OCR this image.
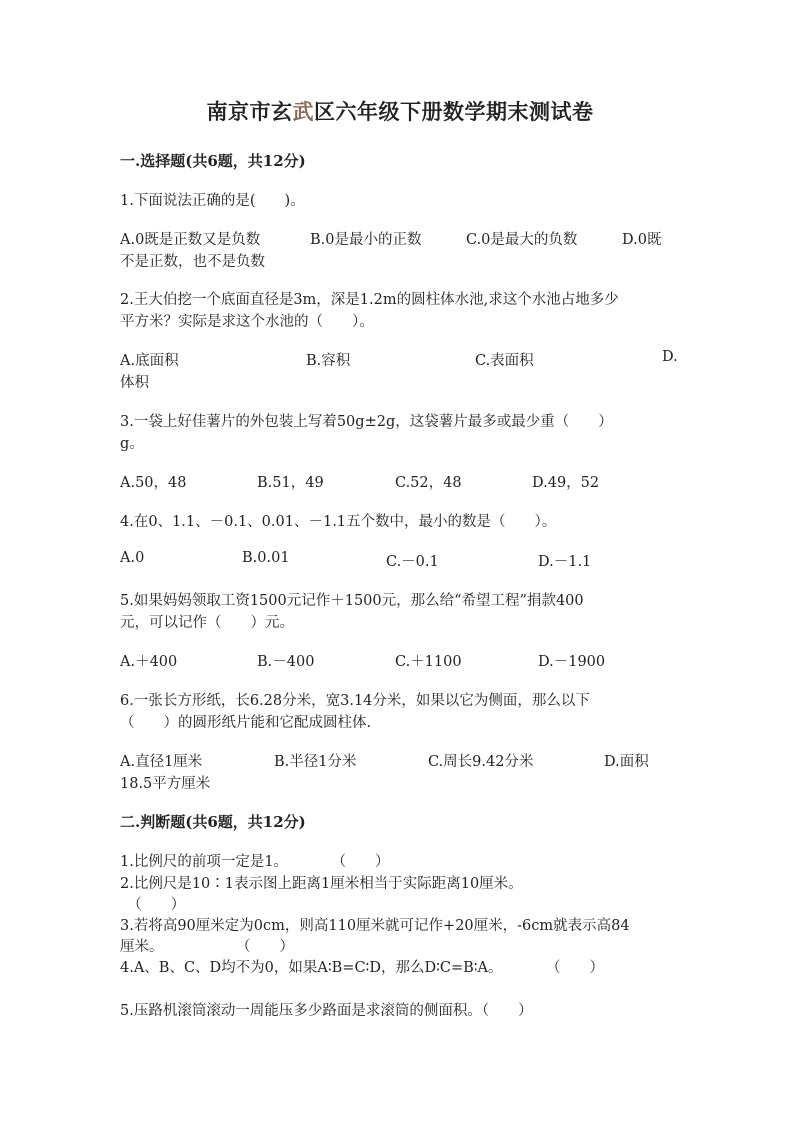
南京市玄武区六年级下册数学期末测试卷
一.选择题(共6题，共12分)
1.下面说法正确的是(　　)。
A.0既是正数又是负数	B.0是最小的正数	C.0是最大的负数	D.0既
不是正数，也不是负数
2.王大伯挖一个底面直径是3m，深是1.2m的圆柱体水池,求这个水池占地多少
平方米？实际是求这个水池的（　　）。
A.底面积	B.容积	C.表面积	D.
体积
3.一袋上好佳薯片的外包装上写着50g±2g，这袋薯片最多或最少重（　　）
g。
A.50，48	B.51，49	C.52，48	D.49，52
4.在0、1.1、－0.1、0.01、－1.1五个数中，最小的数是（　　）。
A.0	B.0.01	C.－0.1	D.－1.1
5.如果妈妈领取工资1500元记作＋1500元，那么给“希望工程”捐款400
元，可以记作（　　）元。
A.＋400	B.－400	C.＋1100	D.－1900
6.一张长方形纸，长6.28分米，宽3.14分米，如果以它为侧面，那么以下
（　　）的圆形纸片能和它配成圆柱体.
A.直径1厘米	B.半径1分米	C.周长9.42分米	D.面积
18.5平方厘米
二.判断题(共6题，共12分)
1.比例尺的前项一定是1。　　　　（　　）
2.比例尺是10∶1表示图上距离1厘米相当于实际距离10厘米。
　（　　）
3.若将高90厘米定为0cm，则高110厘米就可记作+20厘米，-6cm就表示高84
厘米。　　　　　　（　　）
4.A、B、C、D均不为0，如果A∶B=C∶D，那么D∶C=B∶A。　　　　（　　）
5.压路机滚筒滚动一周能压多少路面是求滚筒的侧面积。（　　）
